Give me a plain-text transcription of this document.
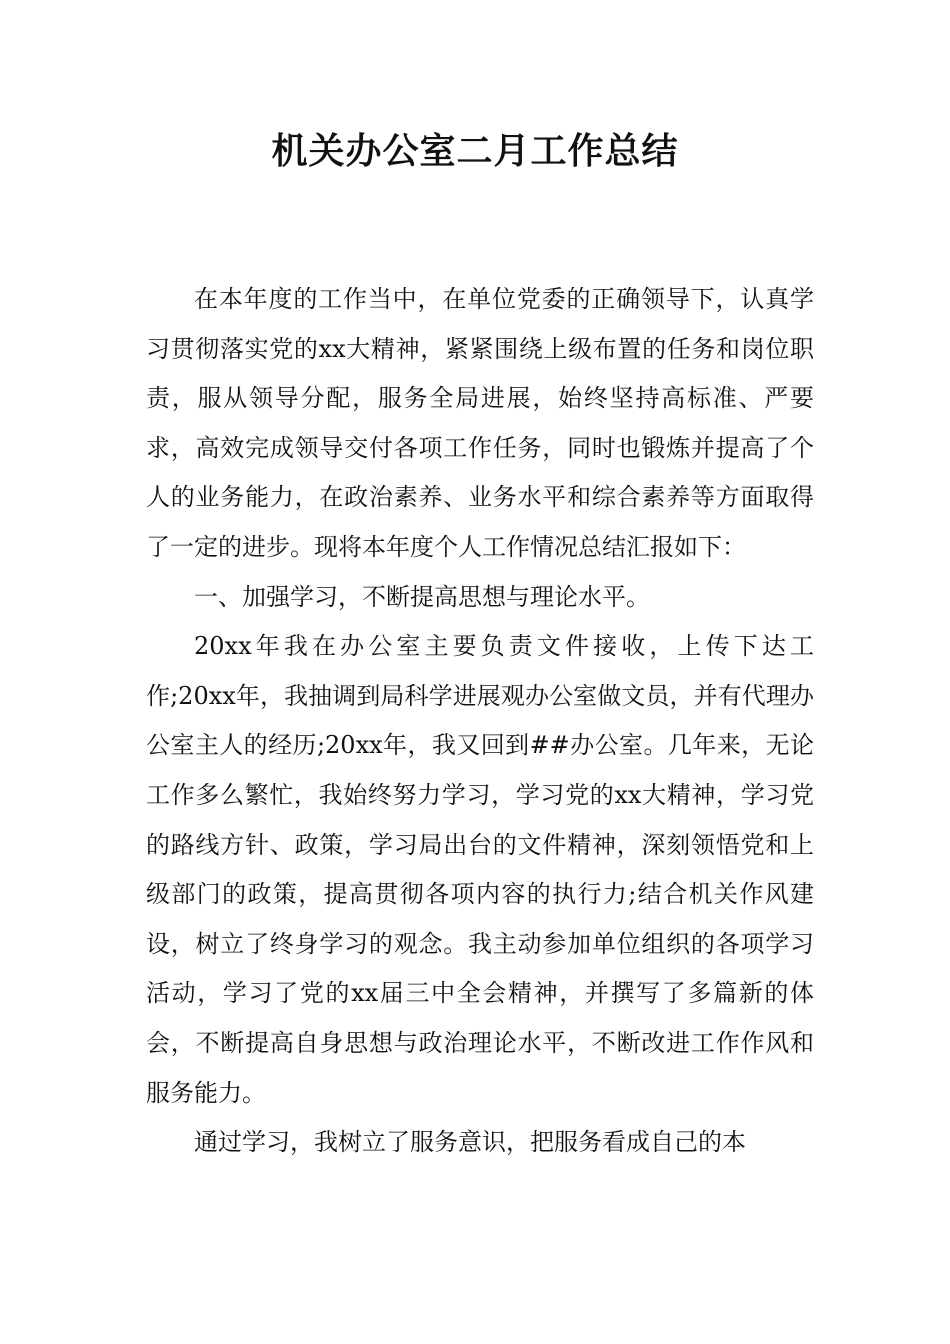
机关办公室二月工作总结

在本年度的工作当中，在单位党委的正确领导下，认真学习贯彻落实党的xx大精神，紧紧围绕上级布置的任务和岗位职责，服从领导分配，服务全局进展，始终坚持高标准、严要求，高效完成领导交付各项工作任务，同时也锻炼并提高了个人的业务能力，在政治素养、业务水平和综合素养等方面取得了一定的进步。现将本年度个人工作情况总结汇报如下：

一、加强学习，不断提高思想与理论水平。

20xx年我在办公室主要负责文件接收，上传下达工作;20xx年，我抽调到局科学进展观办公室做文员，并有代理办公室主人的经历;20xx年，我又回到##办公室。几年来，无论工作多么繁忙，我始终努力学习，学习党的xx大精神，学习党的路线方针、政策，学习局出台的文件精神，深刻领悟党和上级部门的政策，提高贯彻各项内容的执行力;结合机关作风建设，树立了终身学习的观念。我主动参加单位组织的各项学习活动，学习了党的xx届三中全会精神，并撰写了多篇新的体会，不断提高自身思想与政治理论水平，不断改进工作作风和服务能力。

通过学习，我树立了服务意识，把服务看成自己的本
